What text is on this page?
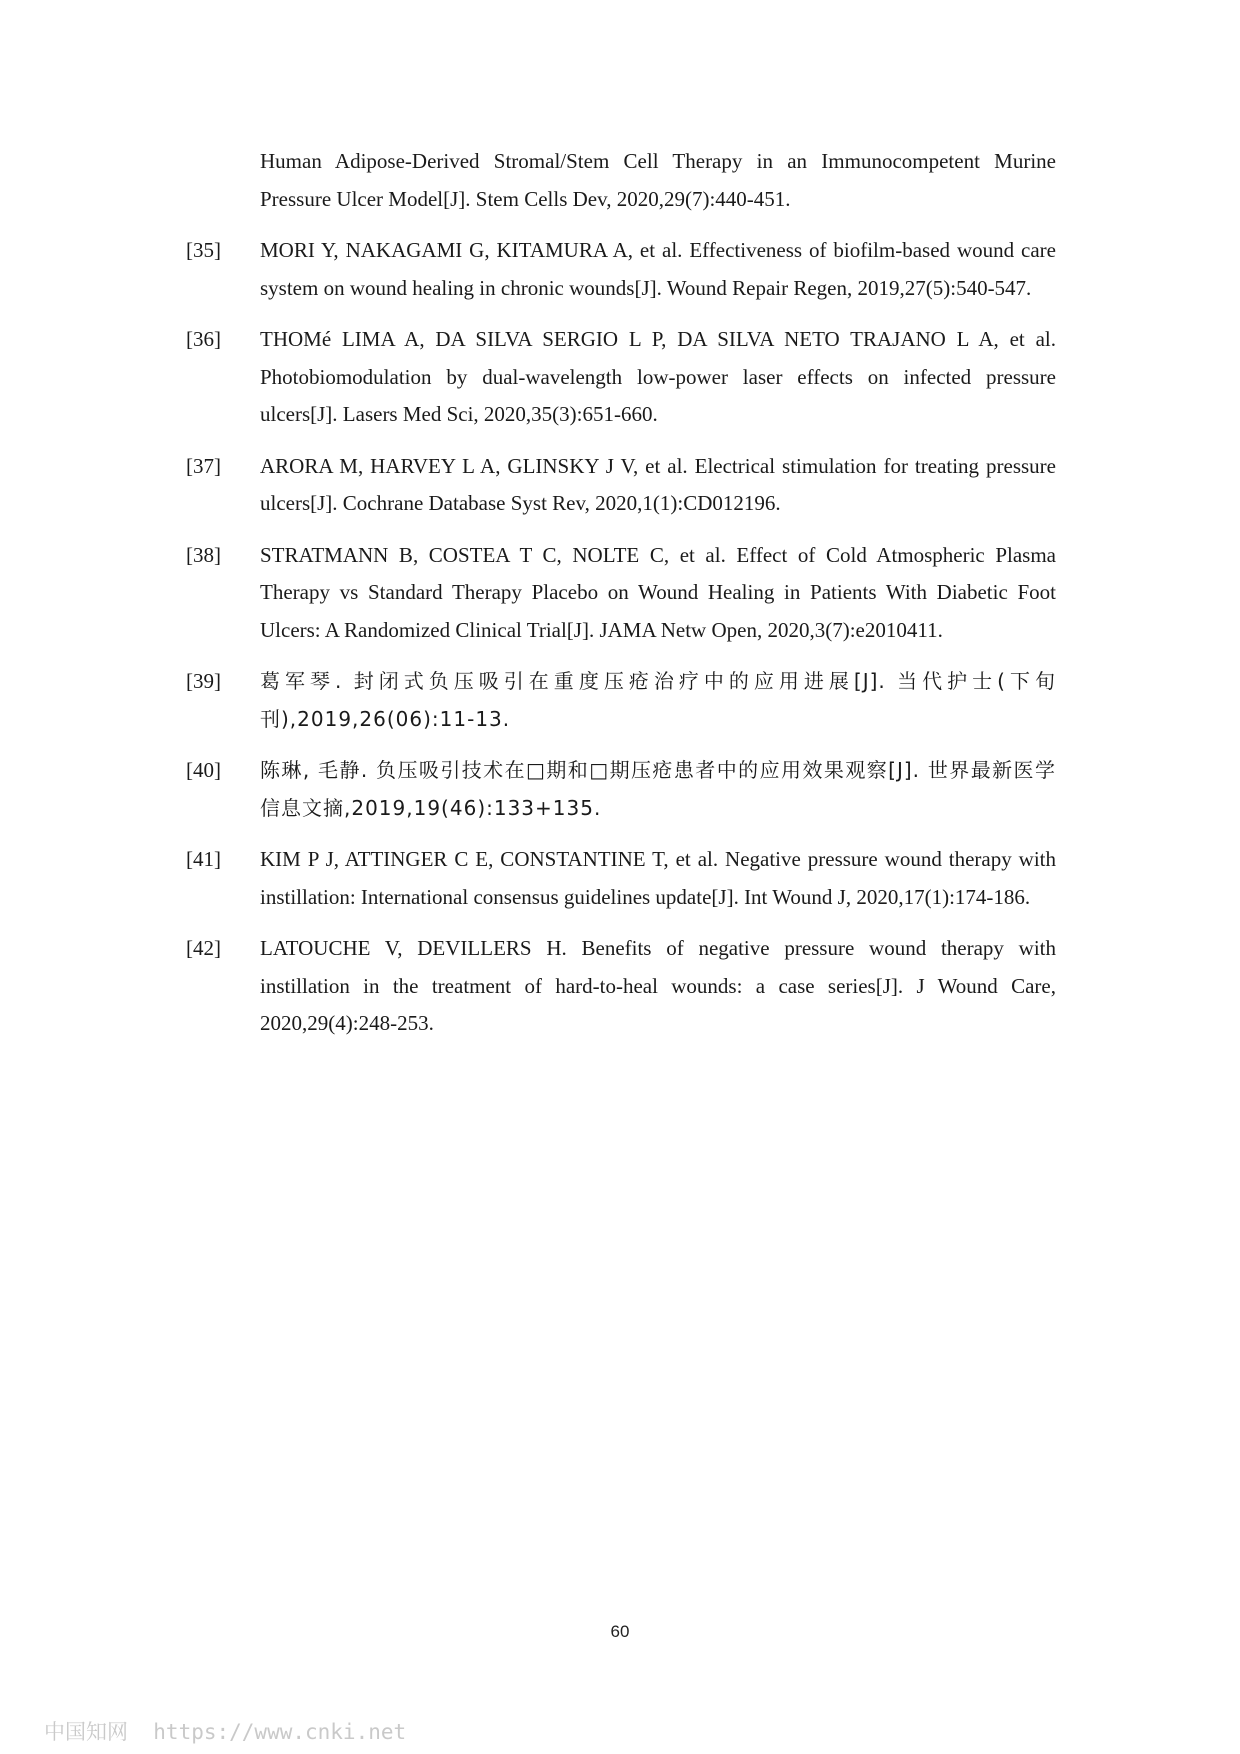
Human Adipose-Derived Stromal/Stem Cell Therapy in an Immunocompetent Murine Pressure Ulcer Model[J]. Stem Cells Dev, 2020,29(7):440-451.
[35]	MORI Y, NAKAGAMI G, KITAMURA A, et al. Effectiveness of biofilm-based wound care system on wound healing in chronic wounds[J]. Wound Repair Regen, 2019,27(5):540-547.
[36]	THOMé LIMA A, DA SILVA SERGIO L P, DA SILVA NETO TRAJANO L A, et al. Photobiomodulation by dual-wavelength low-power laser effects on infected pressure ulcers[J]. Lasers Med Sci, 2020,35(3):651-660.
[37]	ARORA M, HARVEY L A, GLINSKY J V, et al. Electrical stimulation for treating pressure ulcers[J]. Cochrane Database Syst Rev, 2020,1(1):CD012196.
[38]	STRATMANN B, COSTEA T C, NOLTE C, et al. Effect of Cold Atmospheric Plasma Therapy vs Standard Therapy Placebo on Wound Healing in Patients With Diabetic Foot Ulcers: A Randomized Clinical Trial[J]. JAMA Netw Open, 2020,3(7):e2010411.
[39]	葛军琴. 封闭式负压吸引在重度压疮治疗中的应用进展[J]. 当代护士(下旬刊),2019,26(06):11-13.
[40]	陈琳, 毛静. 负压吸引技术在□期和□期压疮患者中的应用效果观察[J]. 世界最新医学信息文摘,2019,19(46):133+135.
[41]	KIM P J, ATTINGER C E, CONSTANTINE T, et al. Negative pressure wound therapy with instillation: International consensus guidelines update[J]. Int Wound J, 2020,17(1):174-186.
[42]	LATOUCHE V, DEVILLERS H. Benefits of negative pressure wound therapy with instillation in the treatment of hard-to-heal wounds: a case series[J]. J Wound Care, 2020,29(4):248-253.
60
中国知网  https://www.cnki.net
